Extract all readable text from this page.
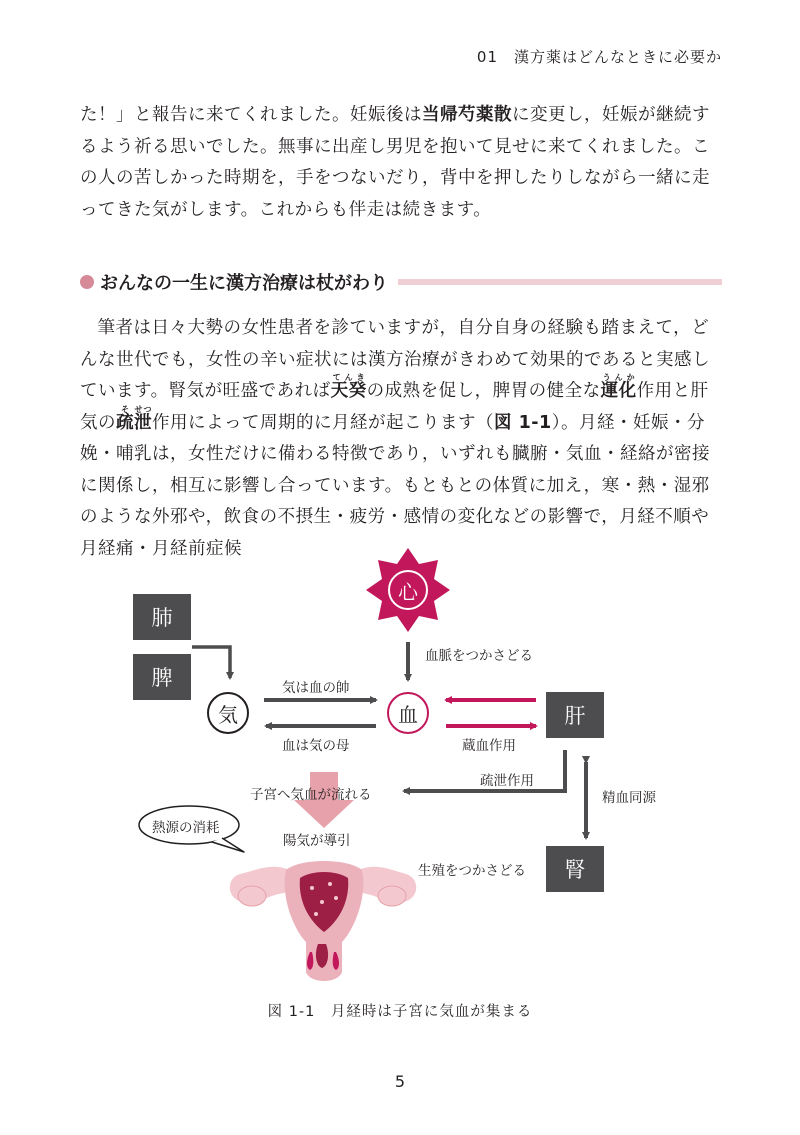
01　漢方薬はどんなときに必要か

た！」と報告に来てくれました。妊娠後は当帰芍薬散に変更し，妊娠が継続するよう祈る思いでした。無事に出産し男児を抱いて見せに来てくれました。この人の苦しかった時期を，手をつないだり，背中を押したりしながら一緒に走ってきた気がします。これからも伴走は続きます。

おんなの一生に漢方治療は杖がわり

筆者は日々大勢の女性患者を診ていますが，自分自身の経験も踏まえて，どんな世代でも，女性の辛い症状には漢方治療がきわめて効果的であると実感しています。腎気が旺盛であれば天癸てんきの成熟を促し，脾胃の健全な運化うんか作用と肝気の疏そ泄せつ作用によって周期的に月経が起こります（図 1-1）。月経・妊娠・分娩・哺乳は，女性だけに備わる特徴であり，いずれも臓腑・気血・経絡が密接に関係し，相互に影響し合っています。もともとの体質に加え，寒・熱・湿邪のような外邪や，飲食の不摂生・疲労・感情の変化などの影響で，月経不順や月経痛・月経前症候

肺
脾
肝
腎
心
気	血
血脈をつかさどる
気は血の帥
血は気の母	蔵血作用
疏泄作用
精血同源
子宮へ気血が流れる
陽気が導引
生殖をつかさどる
熱源の消耗
図 1-1　月経時は子宮に気血が集まる
5
